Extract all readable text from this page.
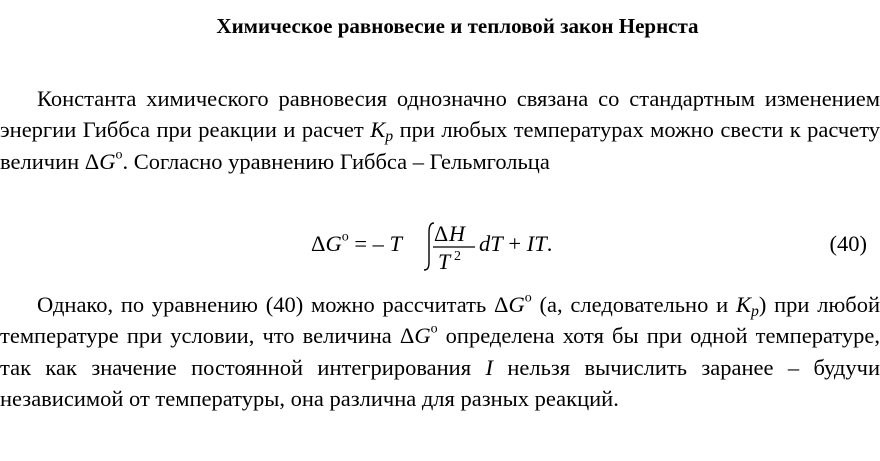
Химическое равновесие и тепловой закон Нернста

Константа химического равновесия однозначно связана со стандартным изменением энергии Гиббса при реакции и расчет $K_p$ при любых температурах можно свести к расчету величин $\Delta G^о$. Согласно уравнению Гиббса – Гельмгольца

$\Delta G^о$ = – T Δ H
T 2
dT + IT.	(40)

Однако, по уравнению (40) можно рассчитать $\Delta G^о$ (а, следовательно и $K_p$) при любой температуре при условии, что величина $\Delta G^о$ определена хотя бы при одной температуре, так как значение постоянной интегрирования I нельзя вычислить заранее – будучи независимой от температуры, она различна для разных реакций.
